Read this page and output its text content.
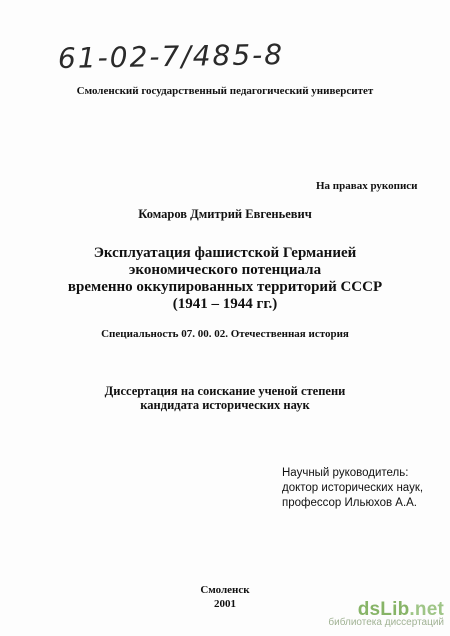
61-02-7/485-8
Смоленский государственный педагогический университет
На правах рукописи
Комаров Дмитрий Евгеньевич
Эксплуатация фашистской Германией
экономического потенциала
временно оккупированных территорий СССР
(1941 – 1944 гг.)
Специальность 07. 00. 02. Отечественная история
Диссертация на соискание ученой степени
кандидата исторических наук
Научный руководитель:
доктор исторических наук,
профессор Ильюхов А.А.
Смоленск
2001	dsLib.net
библиотека диссертаций
